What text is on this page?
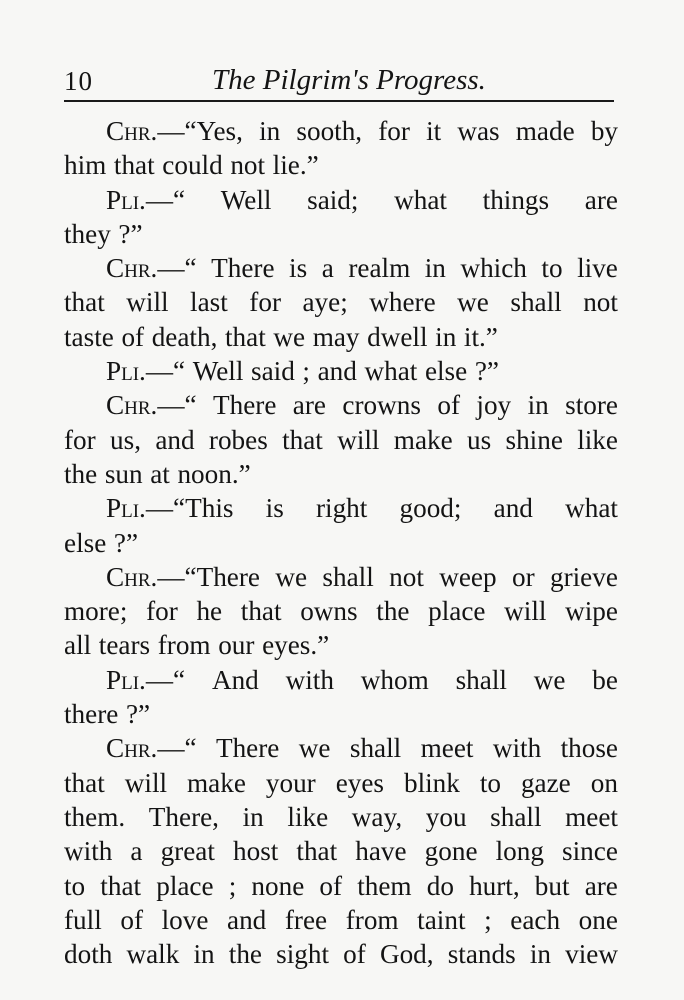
10	The Pilgrim's Progress.
Chr.—“Yes, in sooth, for it was made by
him that could not lie.”
Pli.—“ Well said; what things are
they ?”
Chr.—“ There is a realm in which to live
that will last for aye; where we shall not
taste of death, that we may dwell in it.”
Pli.—“ Well said ; and what else ?”
Chr.—“ There are crowns of joy in store
for us, and robes that will make us shine like
the sun at noon.”
Pli.—“This is right good; and what
else ?”
Chr.—“There we shall not weep or grieve
more; for he that owns the place will wipe
all tears from our eyes.”
Pli.—“ And with whom shall we be
there ?”
Chr.—“ There we shall meet with those
that will make your eyes blink to gaze on
them. There, in like way, you shall meet
with a great host that have gone long since
to that place ; none of them do hurt, but are
full of love and free from taint ; each one
doth walk in the sight of God, stands in view
